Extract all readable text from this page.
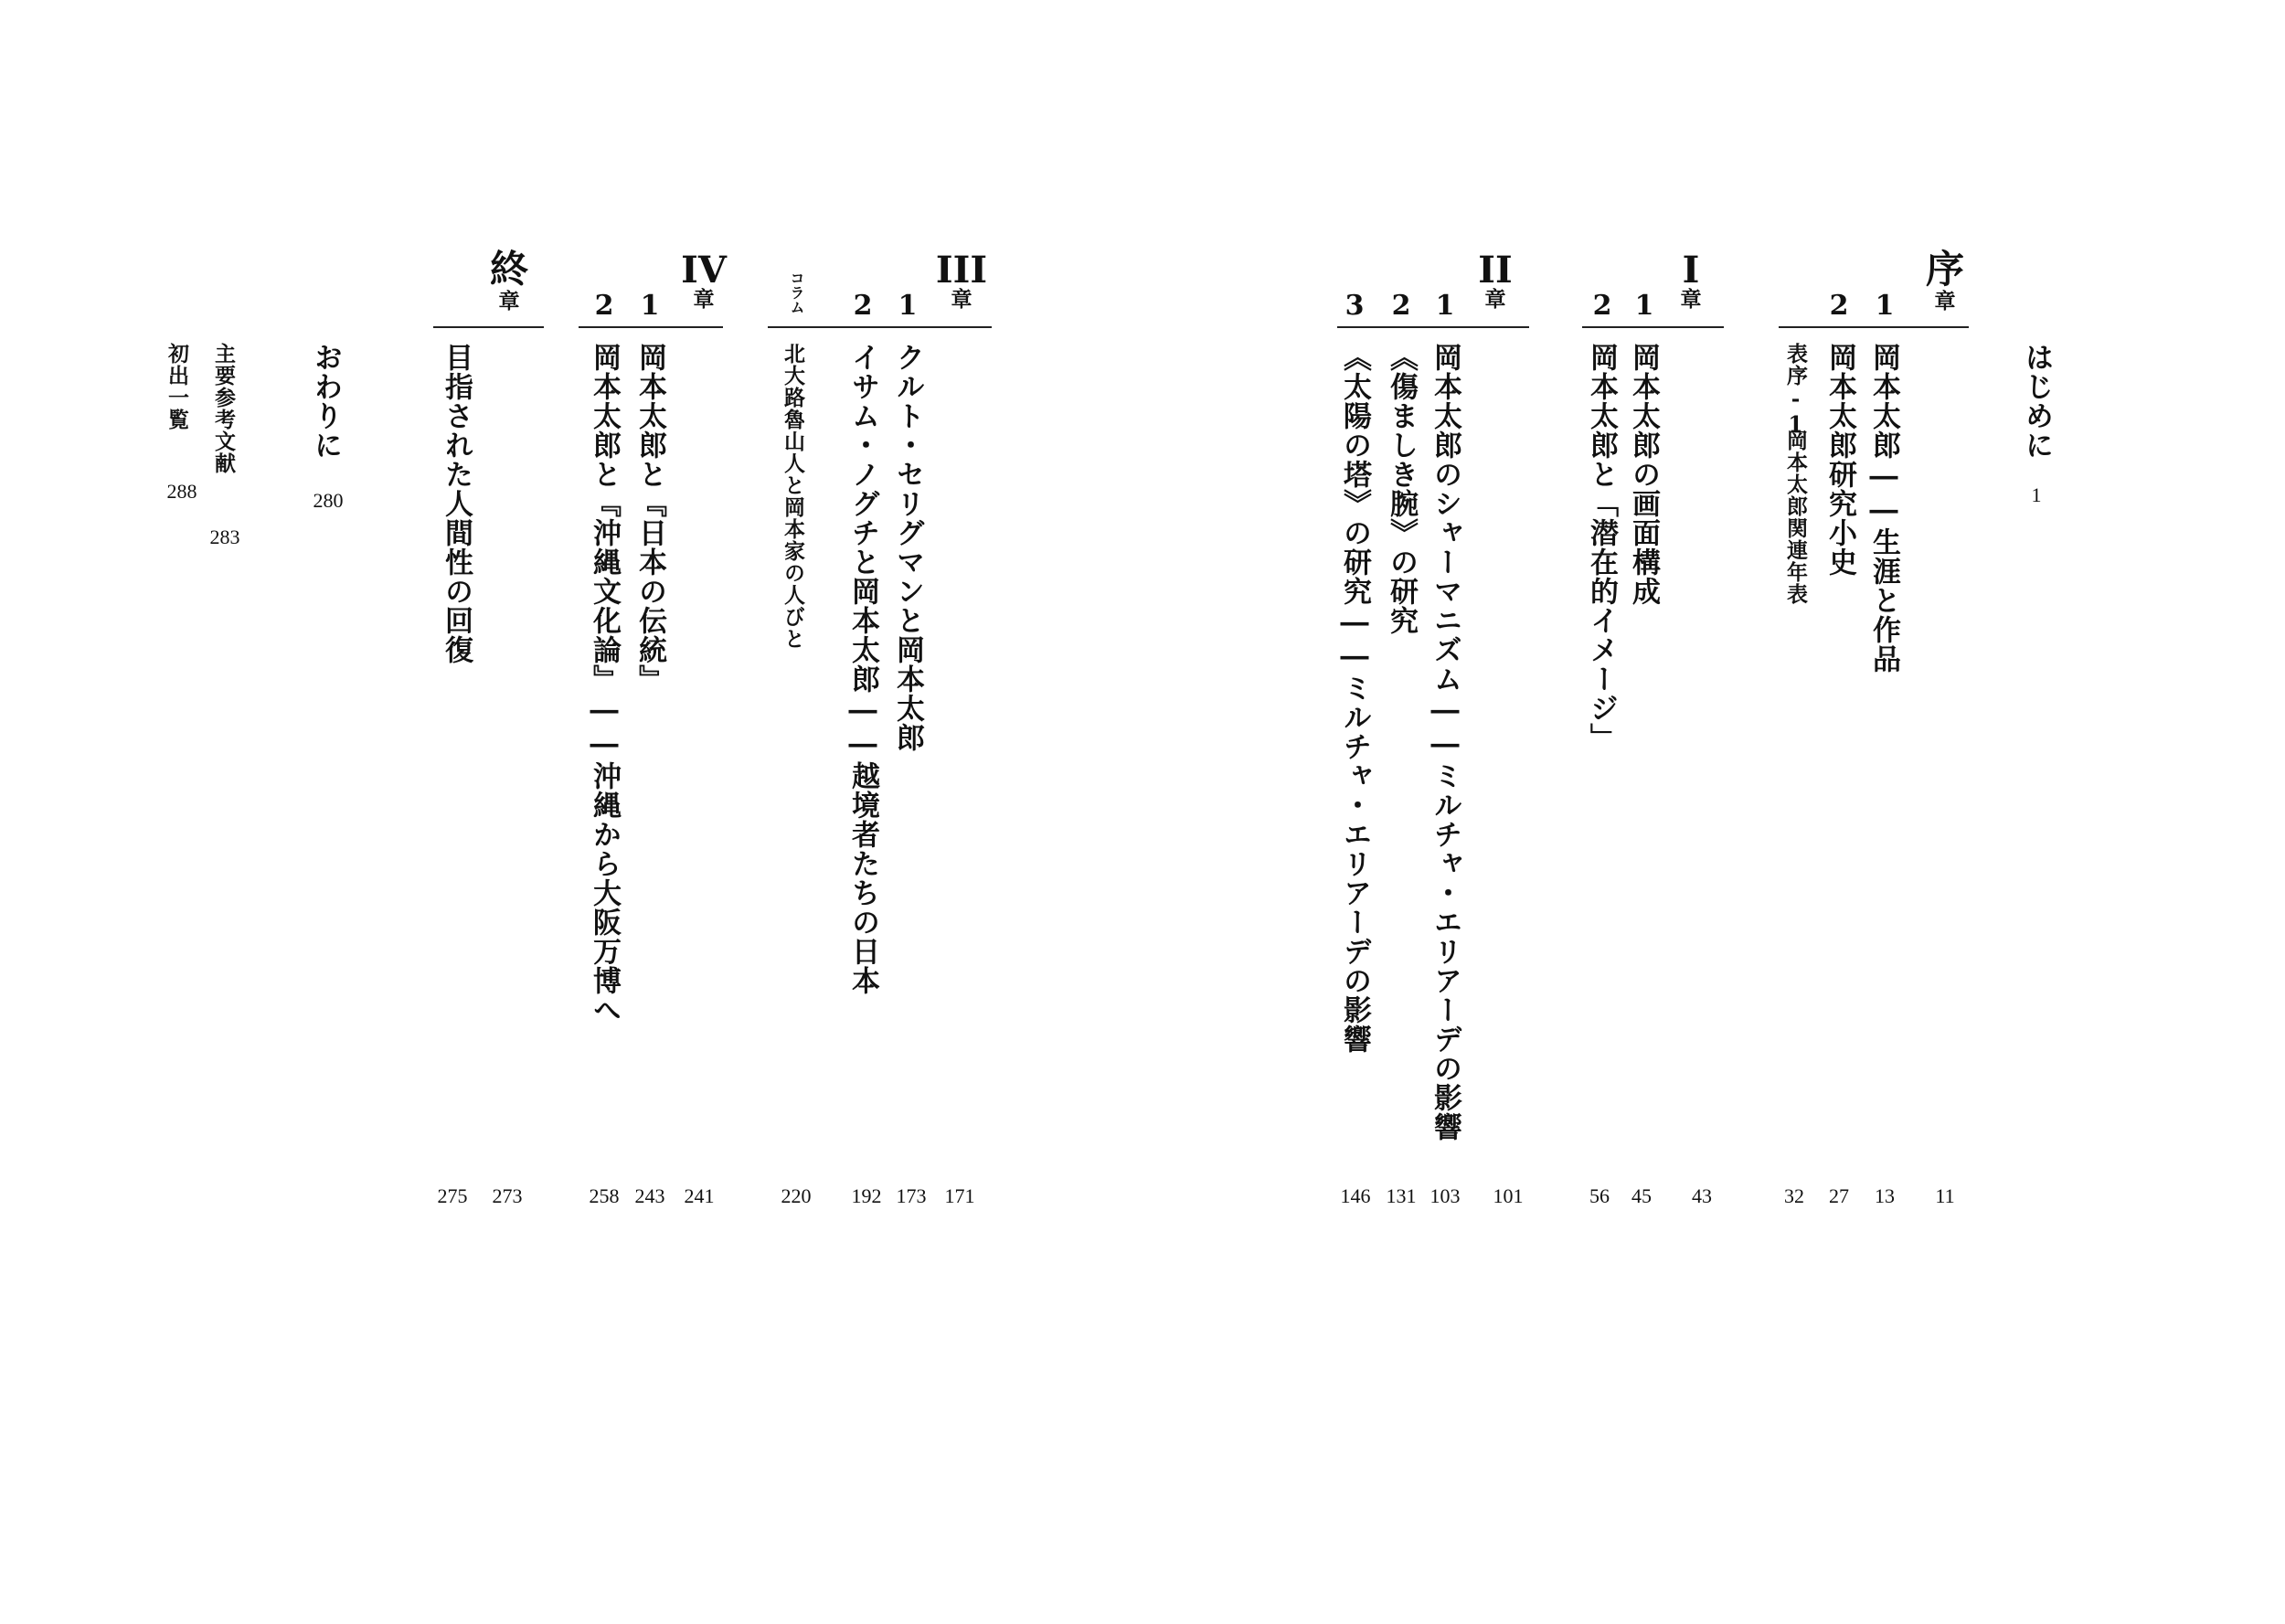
はじめに
1
序
章
1
2
岡本太郎――生涯と作品
岡本太郎研究小史
表序-1
岡本太郎関連年表
11
13
27
32
I
章
1
2
岡本太郎の画面構成
岡本太郎と「潜在的イメージ」
43
45
56
II
章
1
2
3
岡本太郎のシャーマニズム――ミルチャ・エリアーデの影響
《傷ましき腕》の研究
《太陽の塔》の研究――ミルチャ・エリアーデの影響
101
103
131
146
III
章
1
2
コラム
クルト・セリグマンと岡本太郎
イサム・ノグチと岡本太郎――越境者たちの日本
北大路魯山人と岡本家の人びと
171
173
192
220
IV
章
1
2
岡本太郎と『日本の伝統』
岡本太郎と『沖縄文化論』――沖縄から大阪万博へ
241
243
258
終
章
目指された人間性の回復
273
275
おわりに
280
主要参考文献
283
初出一覧
288
